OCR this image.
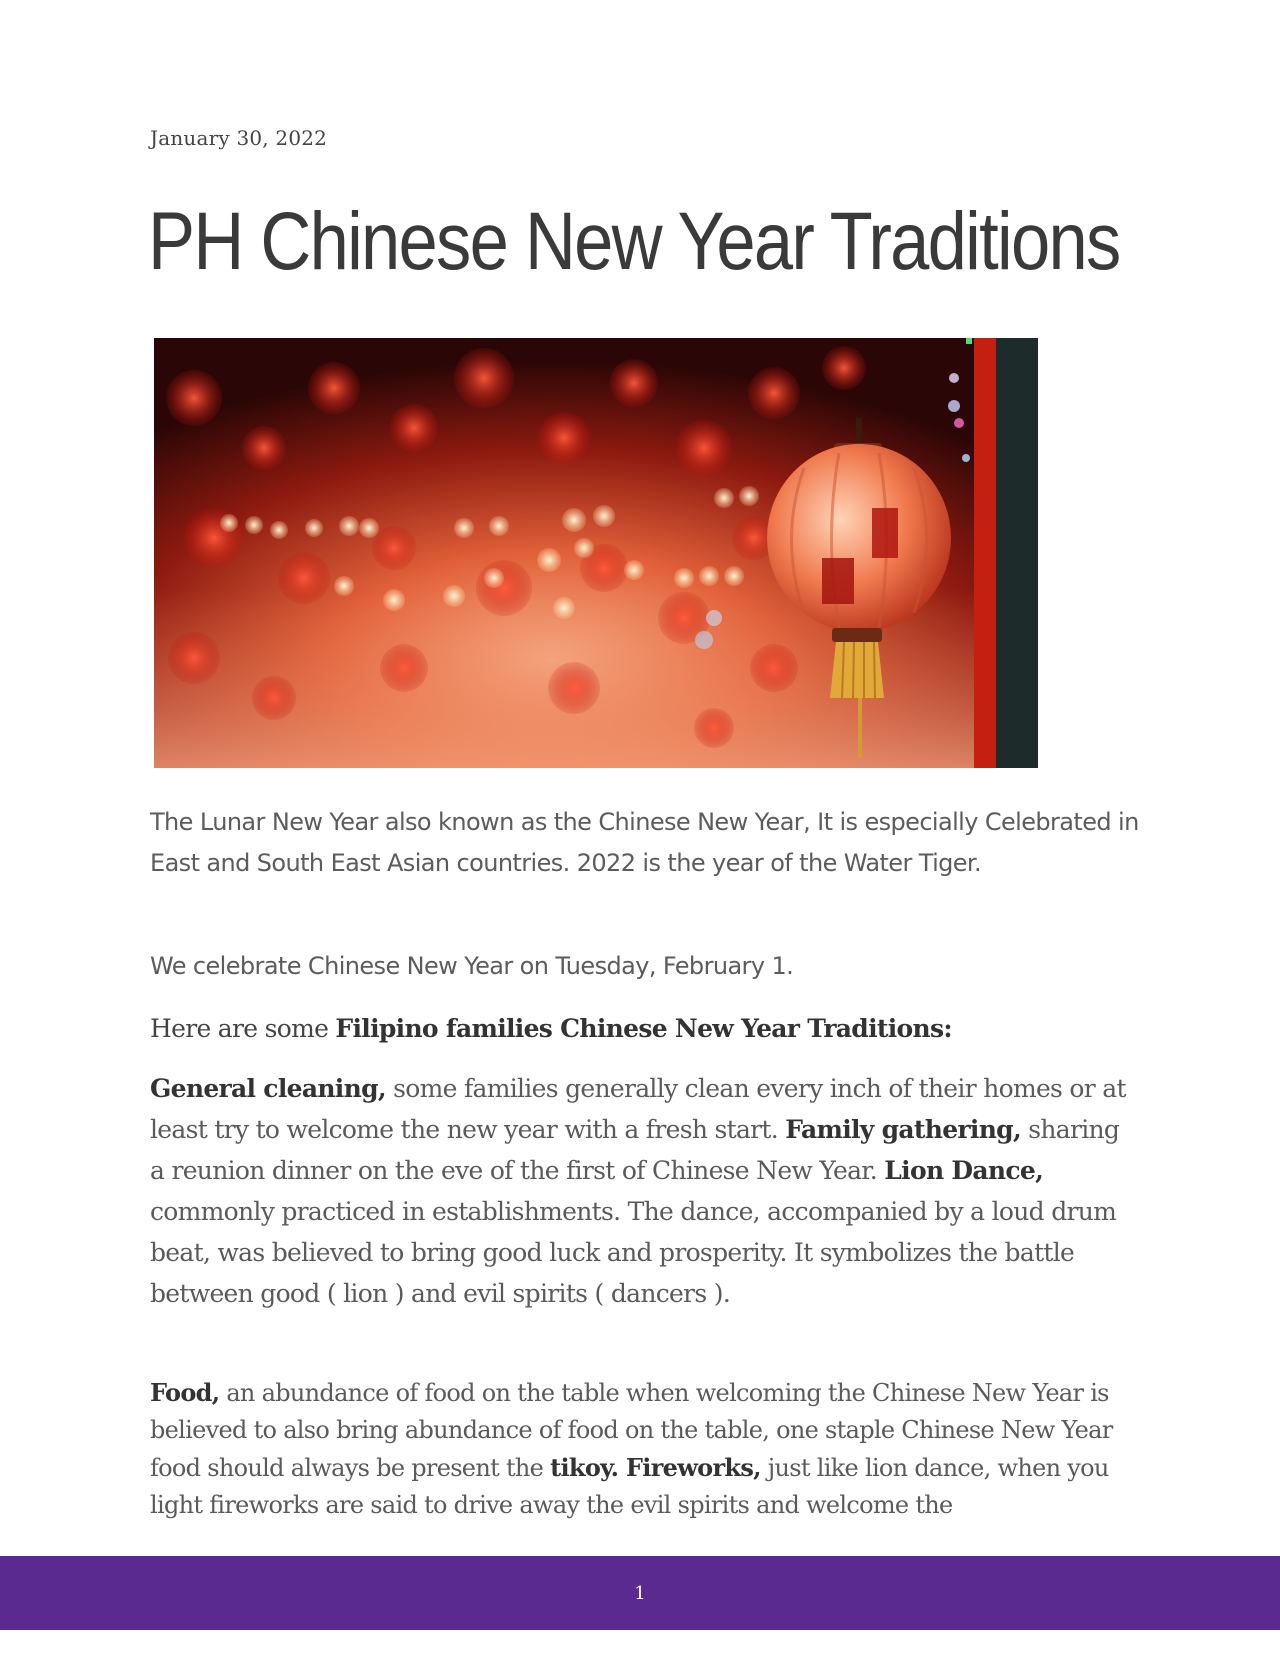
January 30, 2022
PH Chinese New Year Traditions

The Lunar New Year also known as the Chinese New Year, It is especially Celebrated in East and South East Asian countries. 2022 is the year of the Water Tiger.

We celebrate Chinese New Year on Tuesday, February 1.

Here are some Filipino families Chinese New Year Traditions:

General cleaning, some families generally clean every inch of their homes or at least try to welcome the new year with a fresh start. Family gathering, sharing a reunion dinner on the eve of the first of Chinese New Year. Lion Dance, commonly practiced in establishments. The dance, accompanied by a loud drum beat, was believed to bring good luck and prosperity. It symbolizes the battle between good ( lion ) and evil spirits ( dancers ).

Food, an abundance of food on the table when welcoming the Chinese New Year is believed to also bring abundance of food on the table, one staple Chinese New Year food should always be present the tikoy. Fireworks, just like lion dance, when you light fireworks are said to drive away the evil spirits and welcome the

1
